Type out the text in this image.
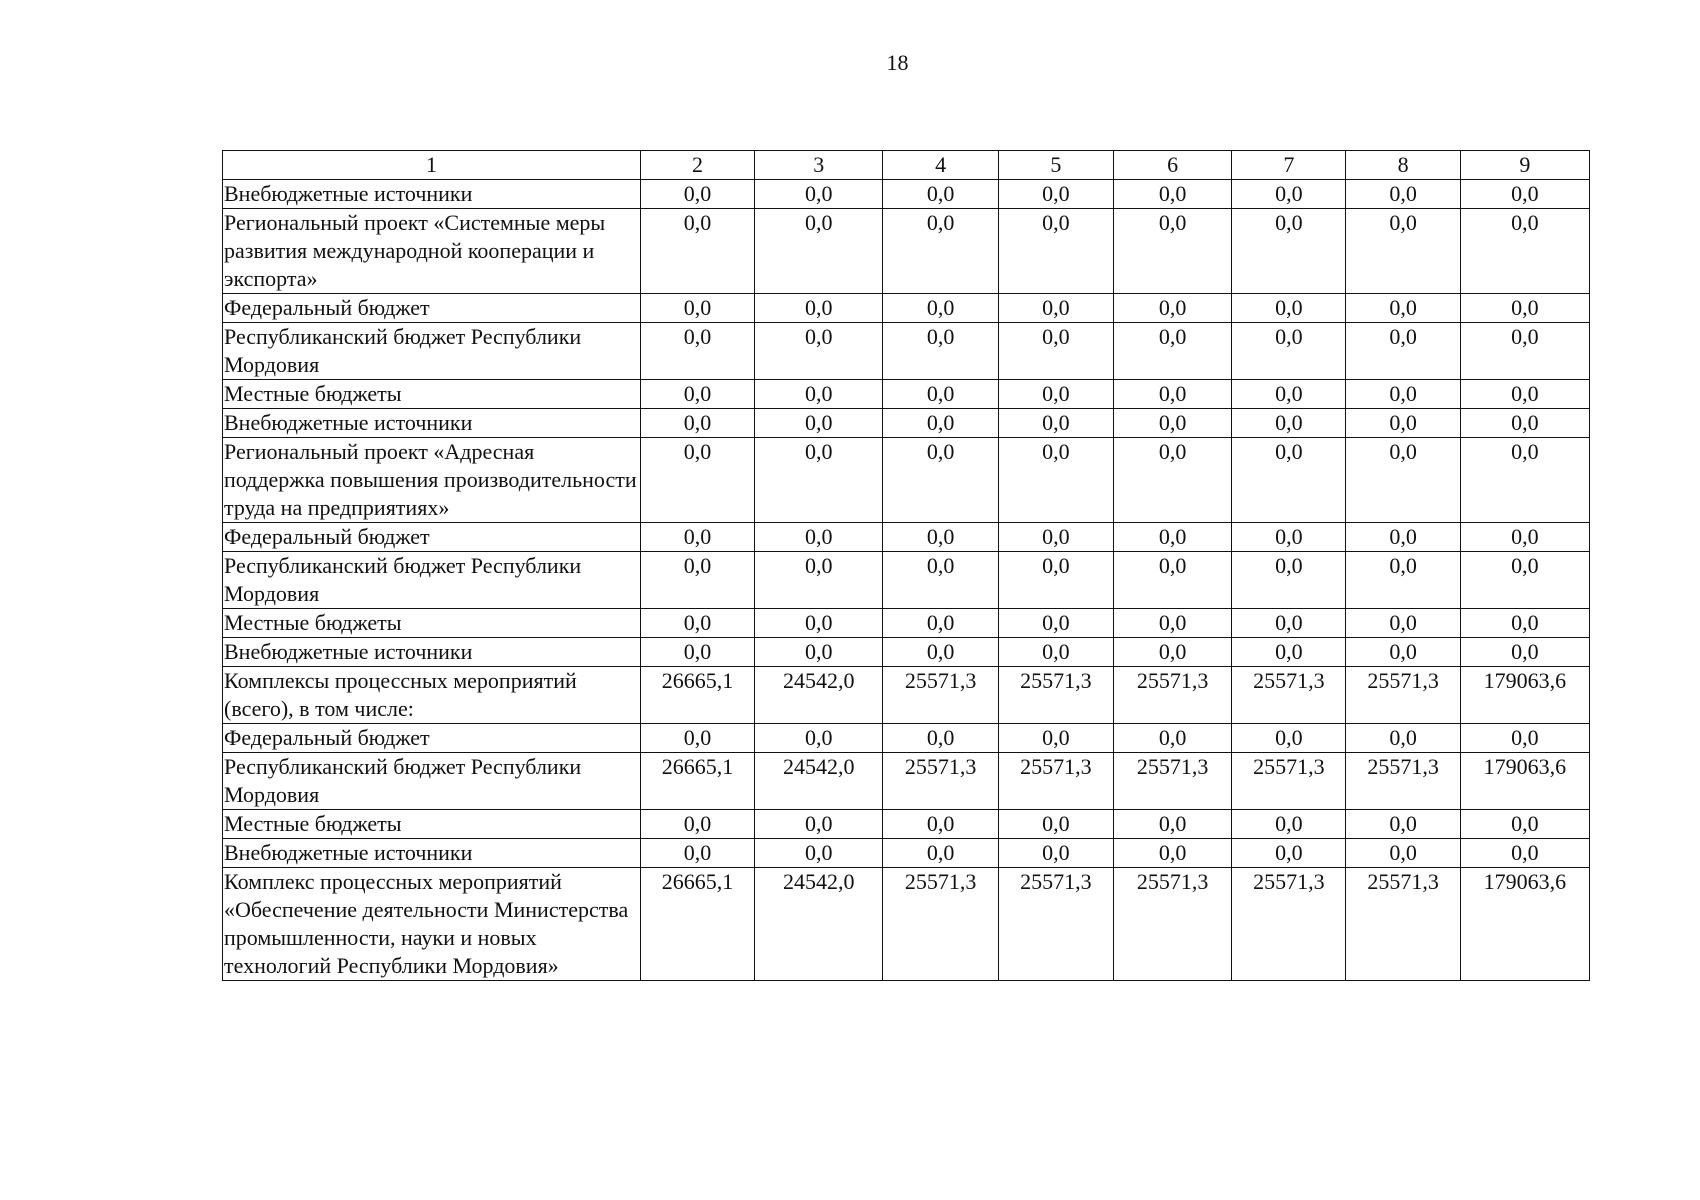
18
1	2	3	4	5	6	7	8	9
Внебюджетные источники	0,0	0,0	0,0	0,0	0,0	0,0	0,0	0,0
Региональный проект «Системные меры развития международной кооперации и экспорта»	0,0	0,0	0,0	0,0	0,0	0,0	0,0	0,0
Федеральный бюджет	0,0	0,0	0,0	0,0	0,0	0,0	0,0	0,0
Республиканский бюджет Республики Мордовия	0,0	0,0	0,0	0,0	0,0	0,0	0,0	0,0
Местные бюджеты	0,0	0,0	0,0	0,0	0,0	0,0	0,0	0,0
Внебюджетные источники	0,0	0,0	0,0	0,0	0,0	0,0	0,0	0,0
Региональный проект «Адресная поддержка повышения производительности труда на предприятиях»	0,0	0,0	0,0	0,0	0,0	0,0	0,0	0,0
Федеральный бюджет	0,0	0,0	0,0	0,0	0,0	0,0	0,0	0,0
Республиканский бюджет Республики Мордовия	0,0	0,0	0,0	0,0	0,0	0,0	0,0	0,0
Местные бюджеты	0,0	0,0	0,0	0,0	0,0	0,0	0,0	0,0
Внебюджетные источники	0,0	0,0	0,0	0,0	0,0	0,0	0,0	0,0
Комплексы процессных мероприятий (всего), в том числе:	26665,1	24542,0	25571,3	25571,3	25571,3	25571,3	25571,3	179063,6
Федеральный бюджет	0,0	0,0	0,0	0,0	0,0	0,0	0,0	0,0
Республиканский бюджет Республики Мордовия	26665,1	24542,0	25571,3	25571,3	25571,3	25571,3	25571,3	179063,6
Местные бюджеты	0,0	0,0	0,0	0,0	0,0	0,0	0,0	0,0
Внебюджетные источники	0,0	0,0	0,0	0,0	0,0	0,0	0,0	0,0
Комплекс процессных мероприятий «Обеспечение деятельности Министерства промышленности, науки и новых технологий Республики Мордовия»	26665,1	24542,0	25571,3	25571,3	25571,3	25571,3	25571,3	179063,6
